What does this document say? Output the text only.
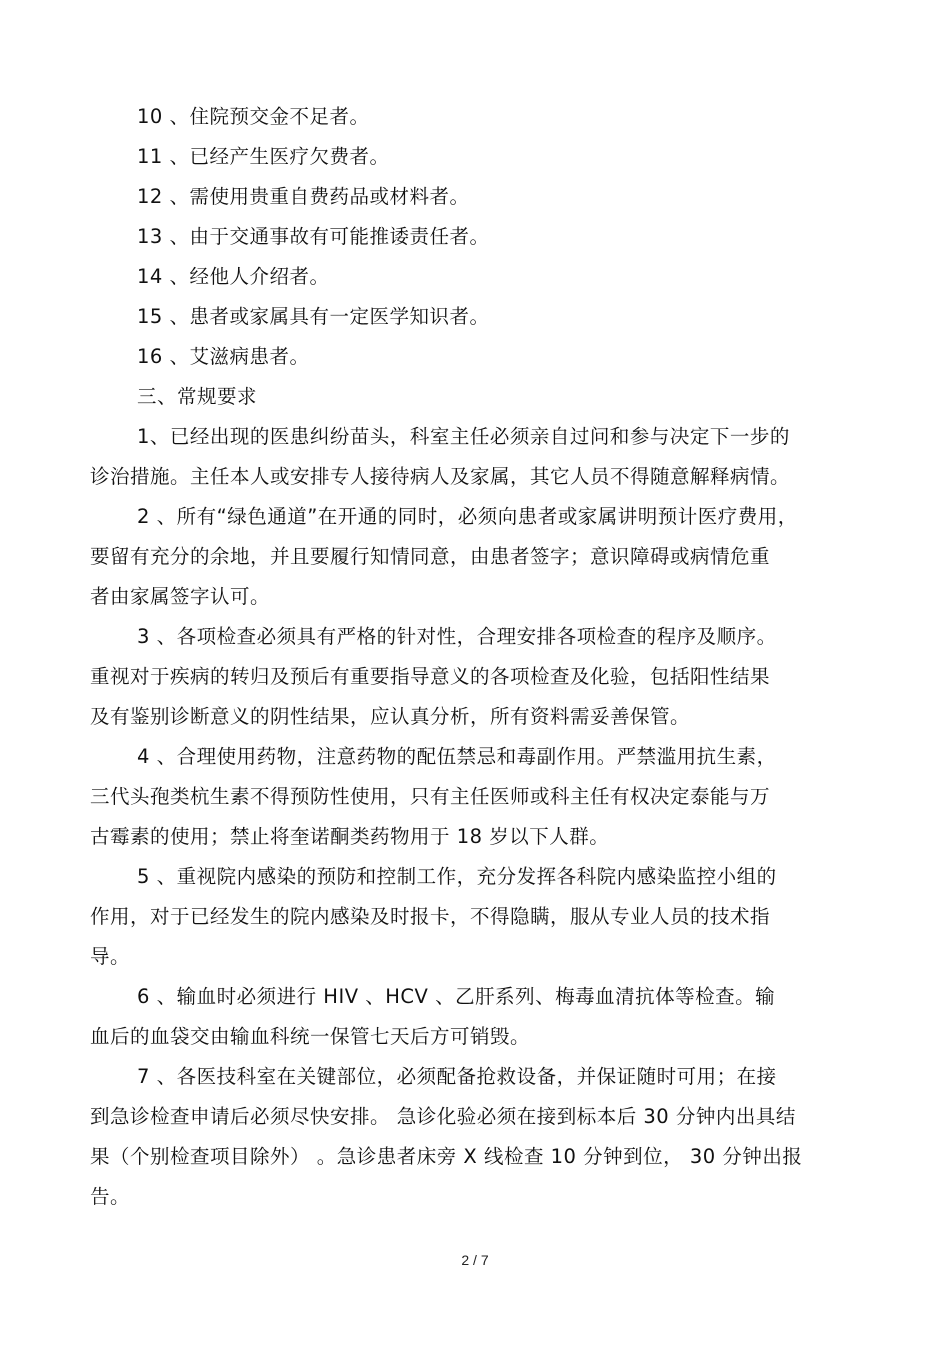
10 、住院预交金不足者。
11 、已经产生医疗欠费者。
12 、需使用贵重自费药品或材料者。
13 、由于交通事故有可能推诿责任者。
14 、经他人介绍者。
15 、患者或家属具有一定医学知识者。
16 、艾滋病患者。
三、常规要求
1、已经出现的医患纠纷苗头，科室主任必须亲自过问和参与决定下一步的
诊治措施。主任本人或安排专人接待病人及家属，其它人员不得随意解释病情。
2 、所有“绿色通道”在开通的同时，必须向患者或家属讲明预计医疗费用，
要留有充分的余地，并且要履行知情同意，由患者签字；意识障碍或病情危重
者由家属签字认可。
3 、各项检查必须具有严格的针对性，合理安排各项检查的程序及顺序。
重视对于疾病的转归及预后有重要指导意义的各项检查及化验，包括阳性结果
及有鉴别诊断意义的阴性结果，应认真分析，所有资料需妥善保管。
4 、合理使用药物，注意药物的配伍禁忌和毒副作用。严禁滥用抗生素，
三代头孢类杭生素不得预防性使用，只有主任医师或科主任有权决定泰能与万
古霉素的使用；禁止将奎诺酮类药物用于 18 岁以下人群。
5 、重视院内感染的预防和控制工作，充分发挥各科院内感染监控小组的
作用，对于已经发生的院内感染及时报卡，不得隐瞒，服从专业人员的技术指
导。
6 、输血时必须进行 HIV 、HCV 、乙肝系列、梅毒血清抗体等检查。输
血后的血袋交由输血科统一保管七天后方可销毁。
7 、各医技科室在关键部位，必须配备抢救设备，并保证随时可用；在接
到急诊检查申请后必须尽快安排。 急诊化验必须在接到标本后 30 分钟内出具结
果（个别检查项目除外） 。急诊患者床旁 X 线检查 10 分钟到位， 30 分钟出报
告。
2 / 7
